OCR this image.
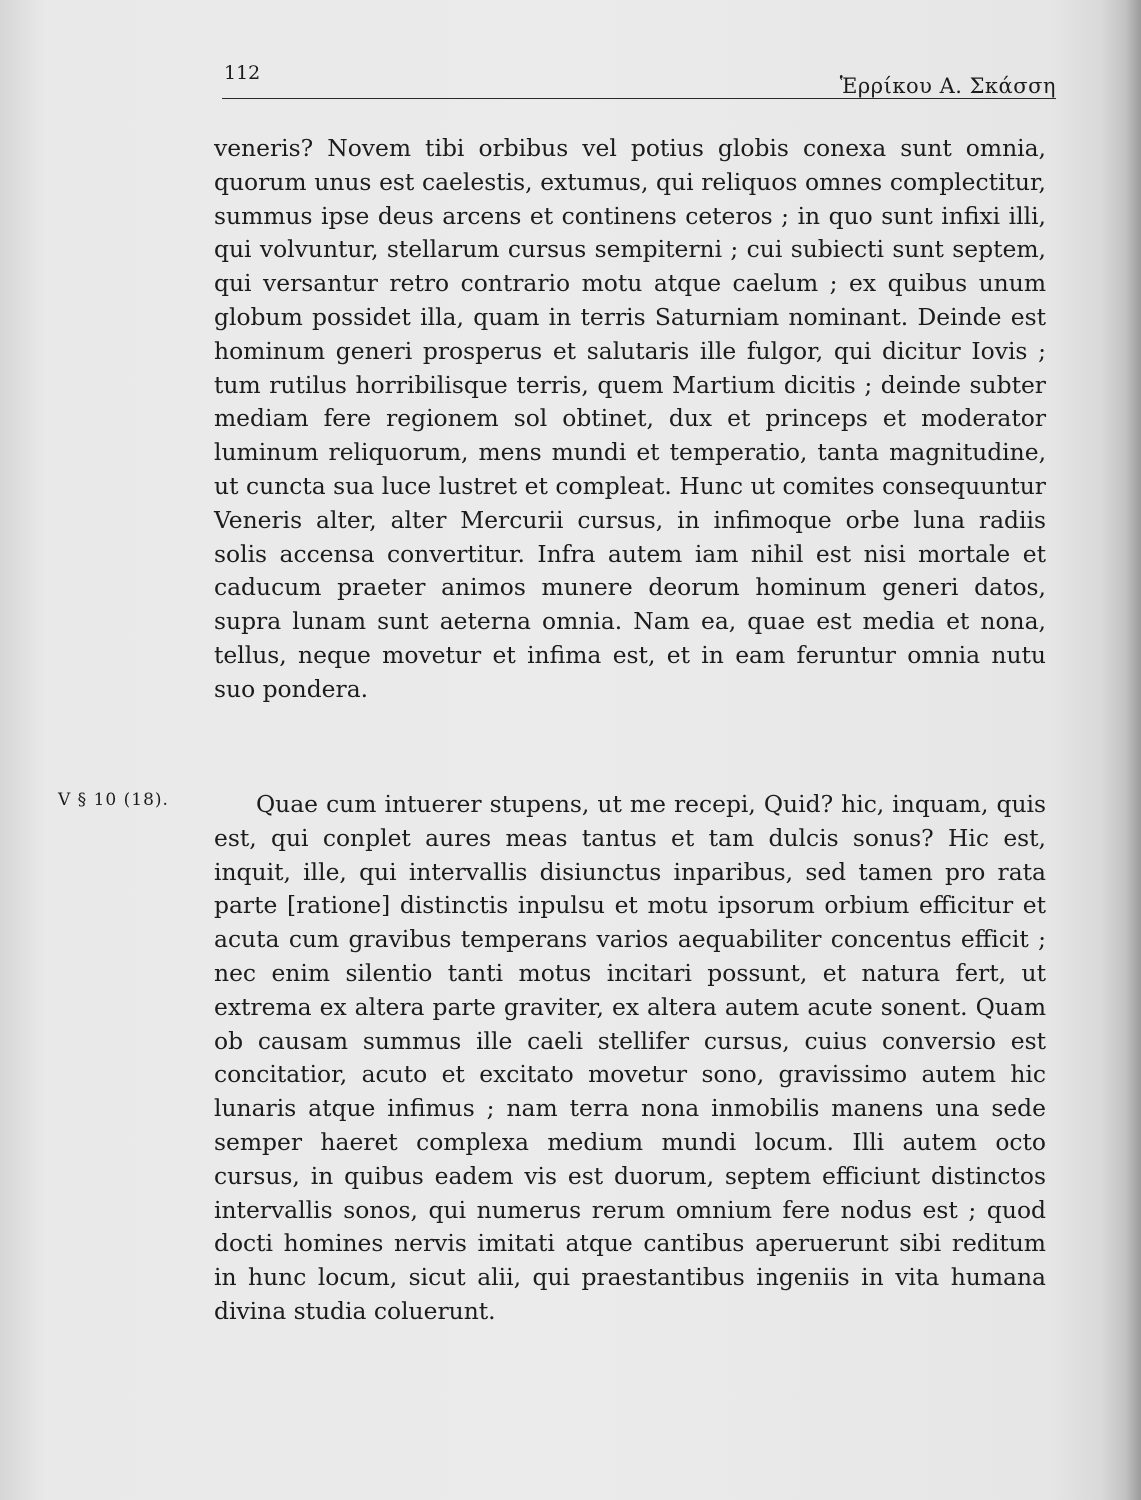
112
Ἑρρίκου Α. Σκάσση

veneris? Novem tibi orbibus vel potius globis conexa sunt omnia, quorum unus est caelestis, extumus, qui reliquos omnes complectitur, summus ipse deus arcens et continens ceteros ; in quo sunt infixi illi, qui volvuntur, stellarum cursus sempiterni ; cui subiecti sunt septem, qui versantur retro contrario motu atque caelum ; ex quibus unum globum possidet illa, quam in terris Saturniam nominant. Deinde est hominum generi prosperus et salutaris ille fulgor, qui dicitur Iovis ; tum rutilus horribilisque terris, quem Martium dicitis ; deinde subter mediam fere regionem sol obtinet, dux et princeps et moderator luminum reliquorum, mens mundi et temperatio, tanta magnitudine, ut cuncta sua luce lustret et compleat. Hunc ut comites consequuntur Veneris alter, alter Mercurii cursus, in infimoque orbe luna radiis solis accensa convertitur. Infra autem iam nihil est nisi mortale et caducum praeter animos munere deorum hominum generi datos, supra lunam sunt aeterna omnia. Nam ea, quae est media et nona, tellus, neque movetur et infima est, et in eam feruntur omnia nutu suo pondera.

V § 10 (18).	Quae cum intuerer stupens, ut me recepi, Quid? hic, inquam, quis est, qui conplet aures meas tantus et tam dulcis sonus? Hic est, inquit, ille, qui intervallis disiunctus inparibus, sed tamen pro rata parte [ratione] distinctis inpulsu et motu ipsorum orbium efficitur et acuta cum gravibus temperans varios aequabiliter concentus efficit ; nec enim silentio tanti motus incitari possunt, et natura fert, ut extrema ex altera parte graviter, ex altera autem acute sonent. Quam ob causam summus ille caeli stellifer cursus, cuius conversio est concitatior, acuto et excitato movetur sono, gravissimo autem hic lunaris atque infimus ; nam terra nona inmobilis manens una sede semper haeret complexa medium mundi locum. Illi autem octo cursus, in quibus eadem vis est duorum, septem efficiunt distinctos intervallis sonos, qui numerus rerum omnium fere nodus est ; quod docti homines nervis imitati atque cantibus aperuerunt sibi reditum in hunc locum, sicut alii, qui praestantibus ingeniis in vita humana divina studia coluerunt.
